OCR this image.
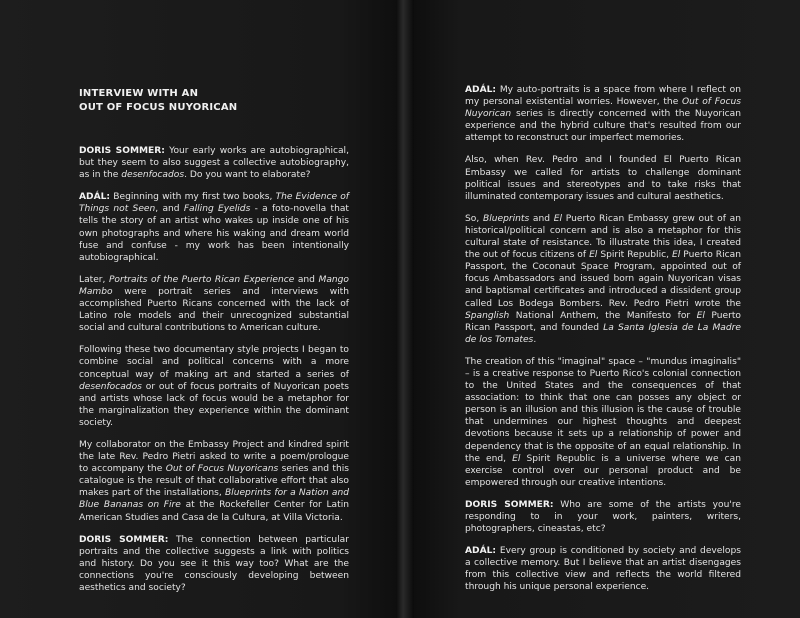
INTERVIEW WITH AN
OUT OF FOCUS NUYORICAN

DORIS SOMMER: Your early works are autobiographical, but they seem to also suggest a collective autobiography, as in the desenfocados. Do you want to elaborate?

ADÁL: Beginning with my first two books, The Evidence of Things not Seen, and Falling Eyelids - a foto-novella that tells the story of an artist who wakes up inside one of his own photographs and where his waking and dream world fuse and confuse - my work has been intentionally autobiographical.

Later, Portraits of the Puerto Rican Experience and Mango Mambo were portrait series and interviews with accomplished Puerto Ricans concerned with the lack of Latino role models and their unrecognized substantial social and cultural contributions to American culture.

Following these two documentary style projects I began to combine social and political concerns with a more conceptual way of making art and started a series of desenfocados or out of focus portraits of Nuyorican poets and artists whose lack of focus would be a metaphor for the marginalization they experience within the dominant society.

My collaborator on the Embassy Project and kindred spirit the late Rev. Pedro Pietri asked to write a poem/prologue to accompany the Out of Focus Nuyoricans series and this catalogue is the result of that collaborative effort that also makes part of the installations, Blueprints for a Nation and Blue Bananas on Fire at the Rockefeller Center for Latin American Studies and Casa de la Cultura, at Villa Victoria.

DORIS SOMMER: The connection between particular portraits and the collective suggests a link with politics and history. Do you see it this way too? What are the connections you're consciously developing between aesthetics and society?

ADÁL: My auto-portraits is a space from where I reflect on my personal existential worries. However, the Out of Focus Nuyorican series is directly concerned with the Nuyorican experience and the hybrid culture that's resulted from our attempt to reconstruct our imperfect memories.

Also, when Rev. Pedro and I founded El Puerto Rican Embassy we called for artists to challenge dominant political issues and stereotypes and to take risks that illuminated contemporary issues and cultural aesthetics.

So, Blueprints and El Puerto Rican Embassy grew out of an historical/political concern and is also a metaphor for this cultural state of resistance. To illustrate this idea, I created the out of focus citizens of El Spirit Republic, El Puerto Rican Passport, the Coconaut Space Program, appointed out of focus Ambassadors and issued born again Nuyorican visas and baptismal certificates and introduced a dissident group called Los Bodega Bombers. Rev. Pedro Pietri wrote the Spanglish National Anthem, the Manifesto for El Puerto Rican Passport, and founded La Santa Iglesia de La Madre de los Tomates.

The creation of this "imaginal" space – "mundus imaginalis" – is a creative response to Puerto Rico's colonial connection to the United States and the consequences of that association: to think that one can posses any object or person is an illusion and this illusion is the cause of trouble that undermines our highest thoughts and deepest devotions because it sets up a relationship of power and dependency that is the opposite of an equal relationship. In the end, El Spirit Republic is a universe where we can exercise control over our personal product and be empowered through our creative intentions.

DORIS SOMMER: Who are some of the artists you're responding to in your work, painters, writers, photographers, cineastas, etc?

ADÁL: Every group is conditioned by society and develops a collective memory. But I believe that an artist disengages from this collective view and reflects the world filtered through his unique personal experience.
